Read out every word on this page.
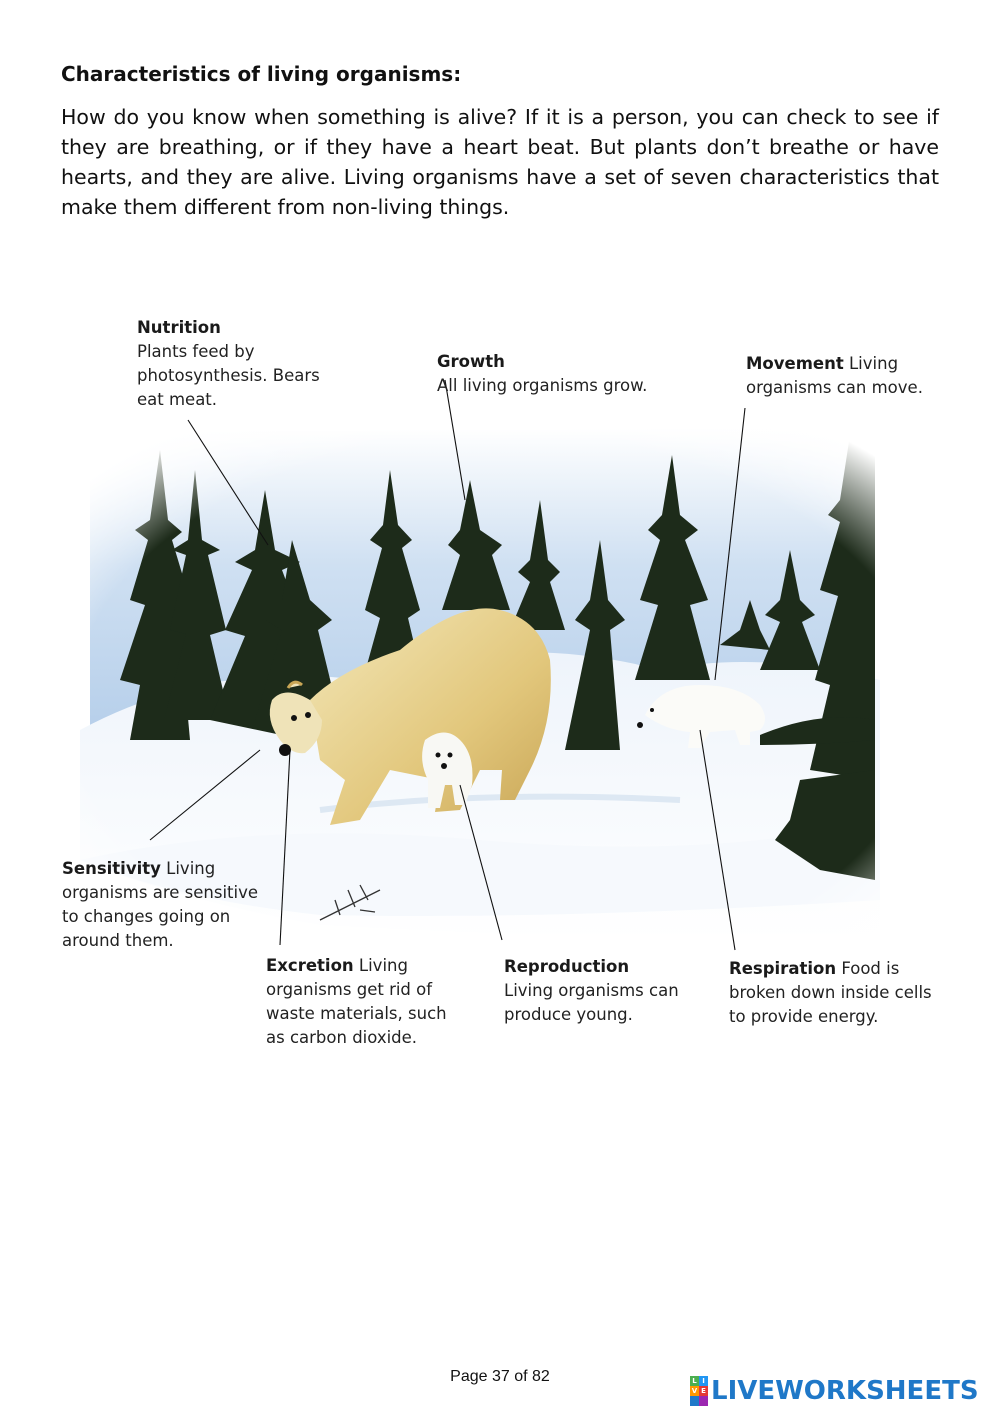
Characteristics of living organisms:

How do you know when something is alive? If it is a person, you can check to see if they are breathing, or if they have a heart beat. But plants don’t breathe or have hearts, and they are alive. Living organisms have a set of seven characteristics that make them different from non-living things.

Nutrition
Plants feed by photosynthesis. Bears eat meat.
Growth
All living organisms grow.
Movement Living organisms can move.
Sensitivity Living organisms are sensitive to changes going on around them.
Excretion Living organisms get rid of waste materials, such as carbon dioxide.
Reproduction
Living organisms can produce young.
Respiration Food is broken down inside cells to provide energy.
Page 37 of 82	L I
V E LIVEWORKSHEETS
